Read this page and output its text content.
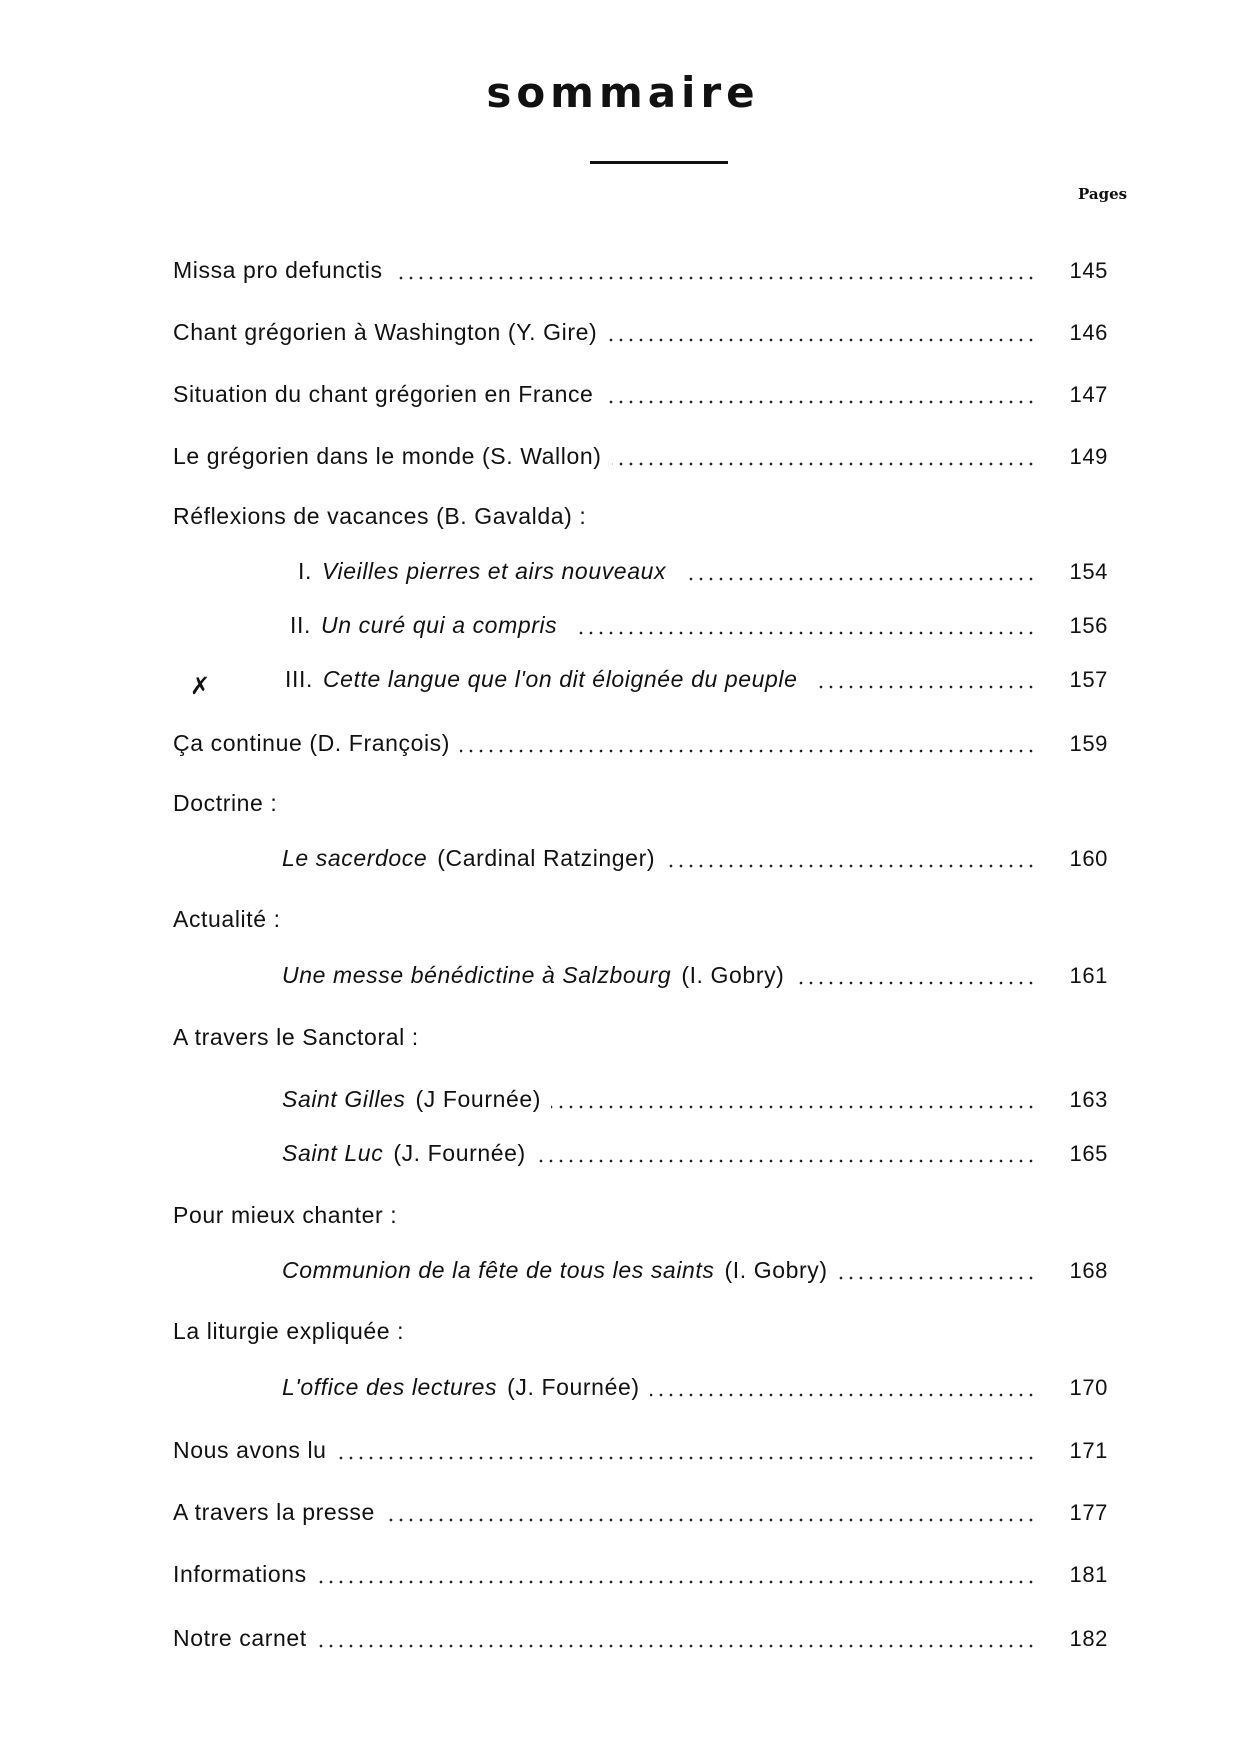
sommaire
Pages
✗
Missa pro defunctis	145
Chant grégorien à Washington (Y. Gire)	146
Situation du chant grégorien en France	147
Le grégorien dans le monde (S. Wallon)	149
Réflexions de vacances (B. Gavalda) :
I. Vieilles pierres et airs nouveaux	154
II. Un curé qui a compris	156
III. Cette langue que l'on dit éloignée du peuple	157
Ça continue (D. François)	159
Doctrine :
Le sacerdoce (Cardinal Ratzinger)	160
Actualité :
Une messe bénédictine à Salzbourg (I. Gobry)	161
A travers le Sanctoral :
Saint Gilles (J Fournée)	163
Saint Luc (J. Fournée)	165
Pour mieux chanter :
Communion de la fête de tous les saints (I. Gobry)	168
La liturgie expliquée :
L'office des lectures (J. Fournée)	170
Nous avons lu	171
A travers la presse	177
Informations	181
Notre carnet	182
